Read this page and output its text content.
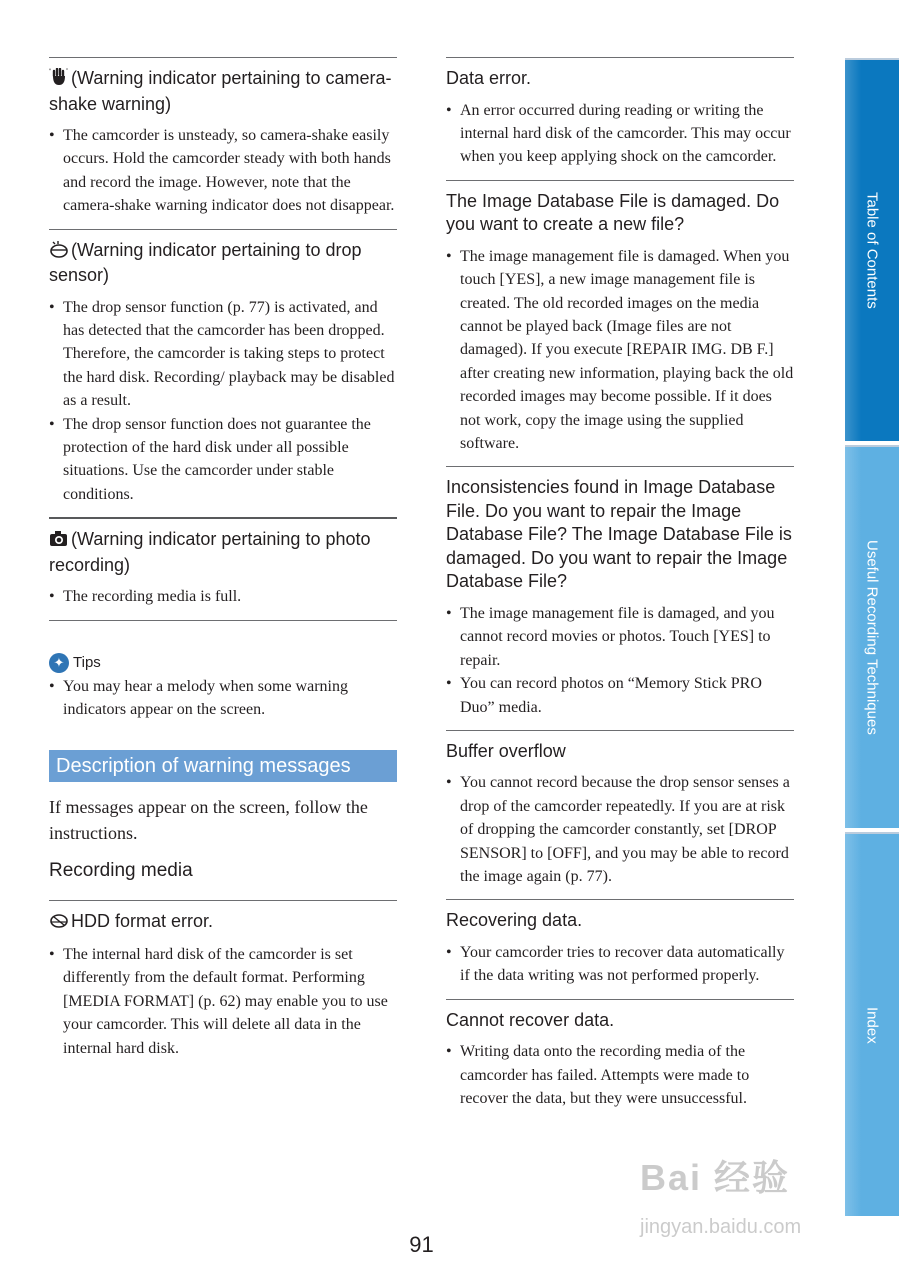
“	” (Warning indicator pertaining to camera-shake warning)
• The camcorder is unsteady, so camera-shake easily occurs. Hold the camcorder steady with both hands and record the image. However, note that the camera-shake warning indicator does not disappear.
(Warning indicator pertaining to drop sensor)
• The drop sensor function (p. 77) is activated, and has detected that the camcorder has been dropped. Therefore, the camcorder is taking steps to protect the hard disk. Recording/ playback may be disabled as a result.
• The drop sensor function does not guarantee the protection of the hard disk under all possible situations. Use the camcorder under stable conditions.
(Warning indicator pertaining to photo recording)
• The recording media is full.
✦ Tips
• You may hear a melody when some warning indicators appear on the screen.
Description of warning messages
If messages appear on the screen, follow the instructions.
Recording media
HDD format error.
• The internal hard disk of the camcorder is set differently from the default format. Performing [MEDIA FORMAT] (p. 62) may enable you to use your camcorder. This will delete all data in the internal hard disk.
Data error.
• An error occurred during reading or writing the internal hard disk of the camcorder. This may occur when you keep applying shock on the camcorder.
The Image Database File is damaged. Do you want to create a new file?
• The image management file is damaged. When you touch [YES], a new image management file is created. The old recorded images on the media cannot be played back (Image files are not damaged). If you execute [REPAIR IMG. DB F.] after creating new information, playing back the old recorded images may become possible. If it does not work, copy the image using the supplied software.
Inconsistencies found in Image Database File. Do you want to repair the Image Database File? The Image Database File is damaged. Do you want to repair the Image Database File?
• The image management file is damaged, and you cannot record movies or photos. Touch [YES] to repair.
• You can record photos on “Memory Stick PRO Duo” media.
Buffer overflow
• You cannot record because the drop sensor senses a drop of the camcorder repeatedly. If you are at risk of dropping the camcorder constantly, set [DROP SENSOR] to [OFF], and you may be able to record the image again (p. 77).
Recovering data.
• Your camcorder tries to recover data automatically if the data writing was not performed properly.
Cannot recover data.
• Writing data onto the recording media of the camcorder has failed. Attempts were made to recover the data, but they were unsuccessful.
Table of Contents
Useful Recording Techniques
Index
91
Bai 经验
jingyan.baidu.com
